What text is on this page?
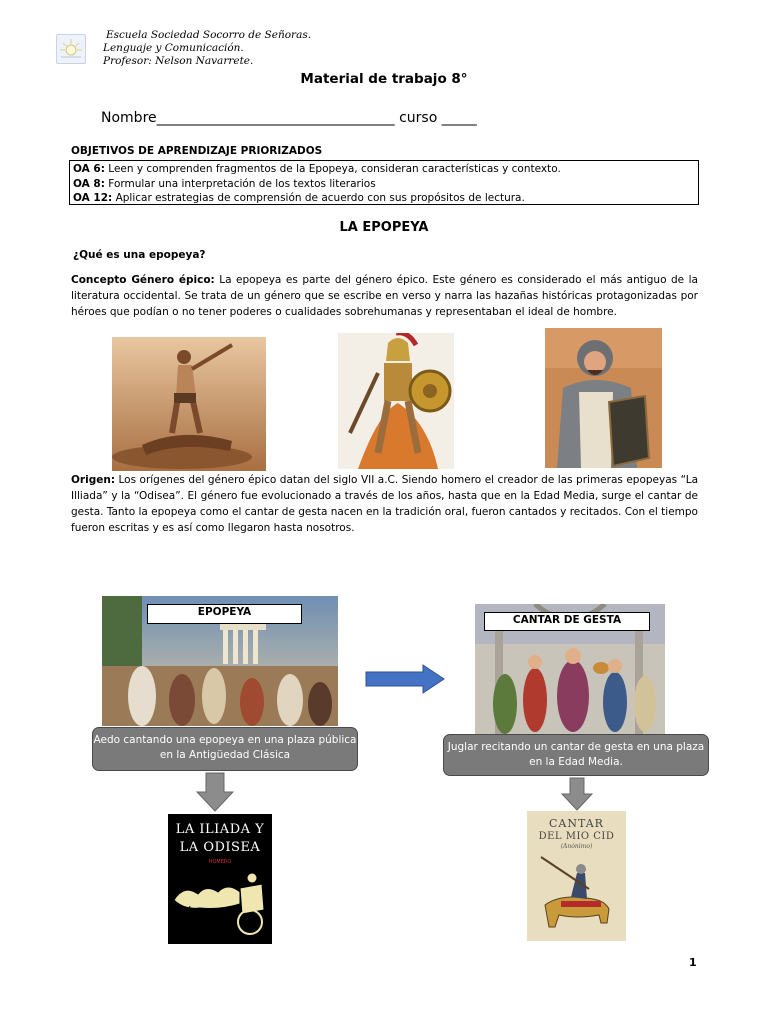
Escuela Sociedad Socorro de Señoras.
Lenguaje y Comunicación.
Profesor: Nelson Navarrete.
Material de trabajo 8°
Nombre__________________________________ curso _____
OBJETIVOS DE APRENDIZAJE PRIORIZADOS
OA 6: Leen y comprenden fragmentos de la Epopeya, consideran características y contexto.
OA 8: Formular una interpretación de los textos literarios
OA 12: Aplicar estrategias de comprensión de acuerdo con sus propósitos de lectura.
LA EPOPEYA
¿Qué es una epopeya?
Concepto Género épico: La epopeya es parte del género épico. Este género es considerado el más antiguo de la literatura occidental. Se trata de un género que se escribe en verso y narra las hazañas históricas protagonizadas por héroes que podían o no tener poderes o cualidades sobrehumanas y representaban el ideal de hombre.
Origen: Los orígenes del género épico datan del siglo VII a.C. Siendo homero el creador de las primeras epopeyas “La Illiada” y la “Odisea”. El género fue evolucionado a través de los años, hasta que en la Edad Media, surge el cantar de gesta. Tanto la epopeya como el cantar de gesta nacen en la tradición oral, fueron cantados y recitados. Con el tiempo fueron escritas y es así como llegaron hasta nosotros.
EPOPEYA
Aedo cantando una epopeya en una plaza pública en la Antigüedad Clásica
CANTAR DE GESTA
Juglar recitando un cantar de gesta en una plaza en la Edad Media.
LA ILIADA Y
LA ODISEA
HOMERO
CANTAR
DEL MIO CID
(Anónimo)
1
